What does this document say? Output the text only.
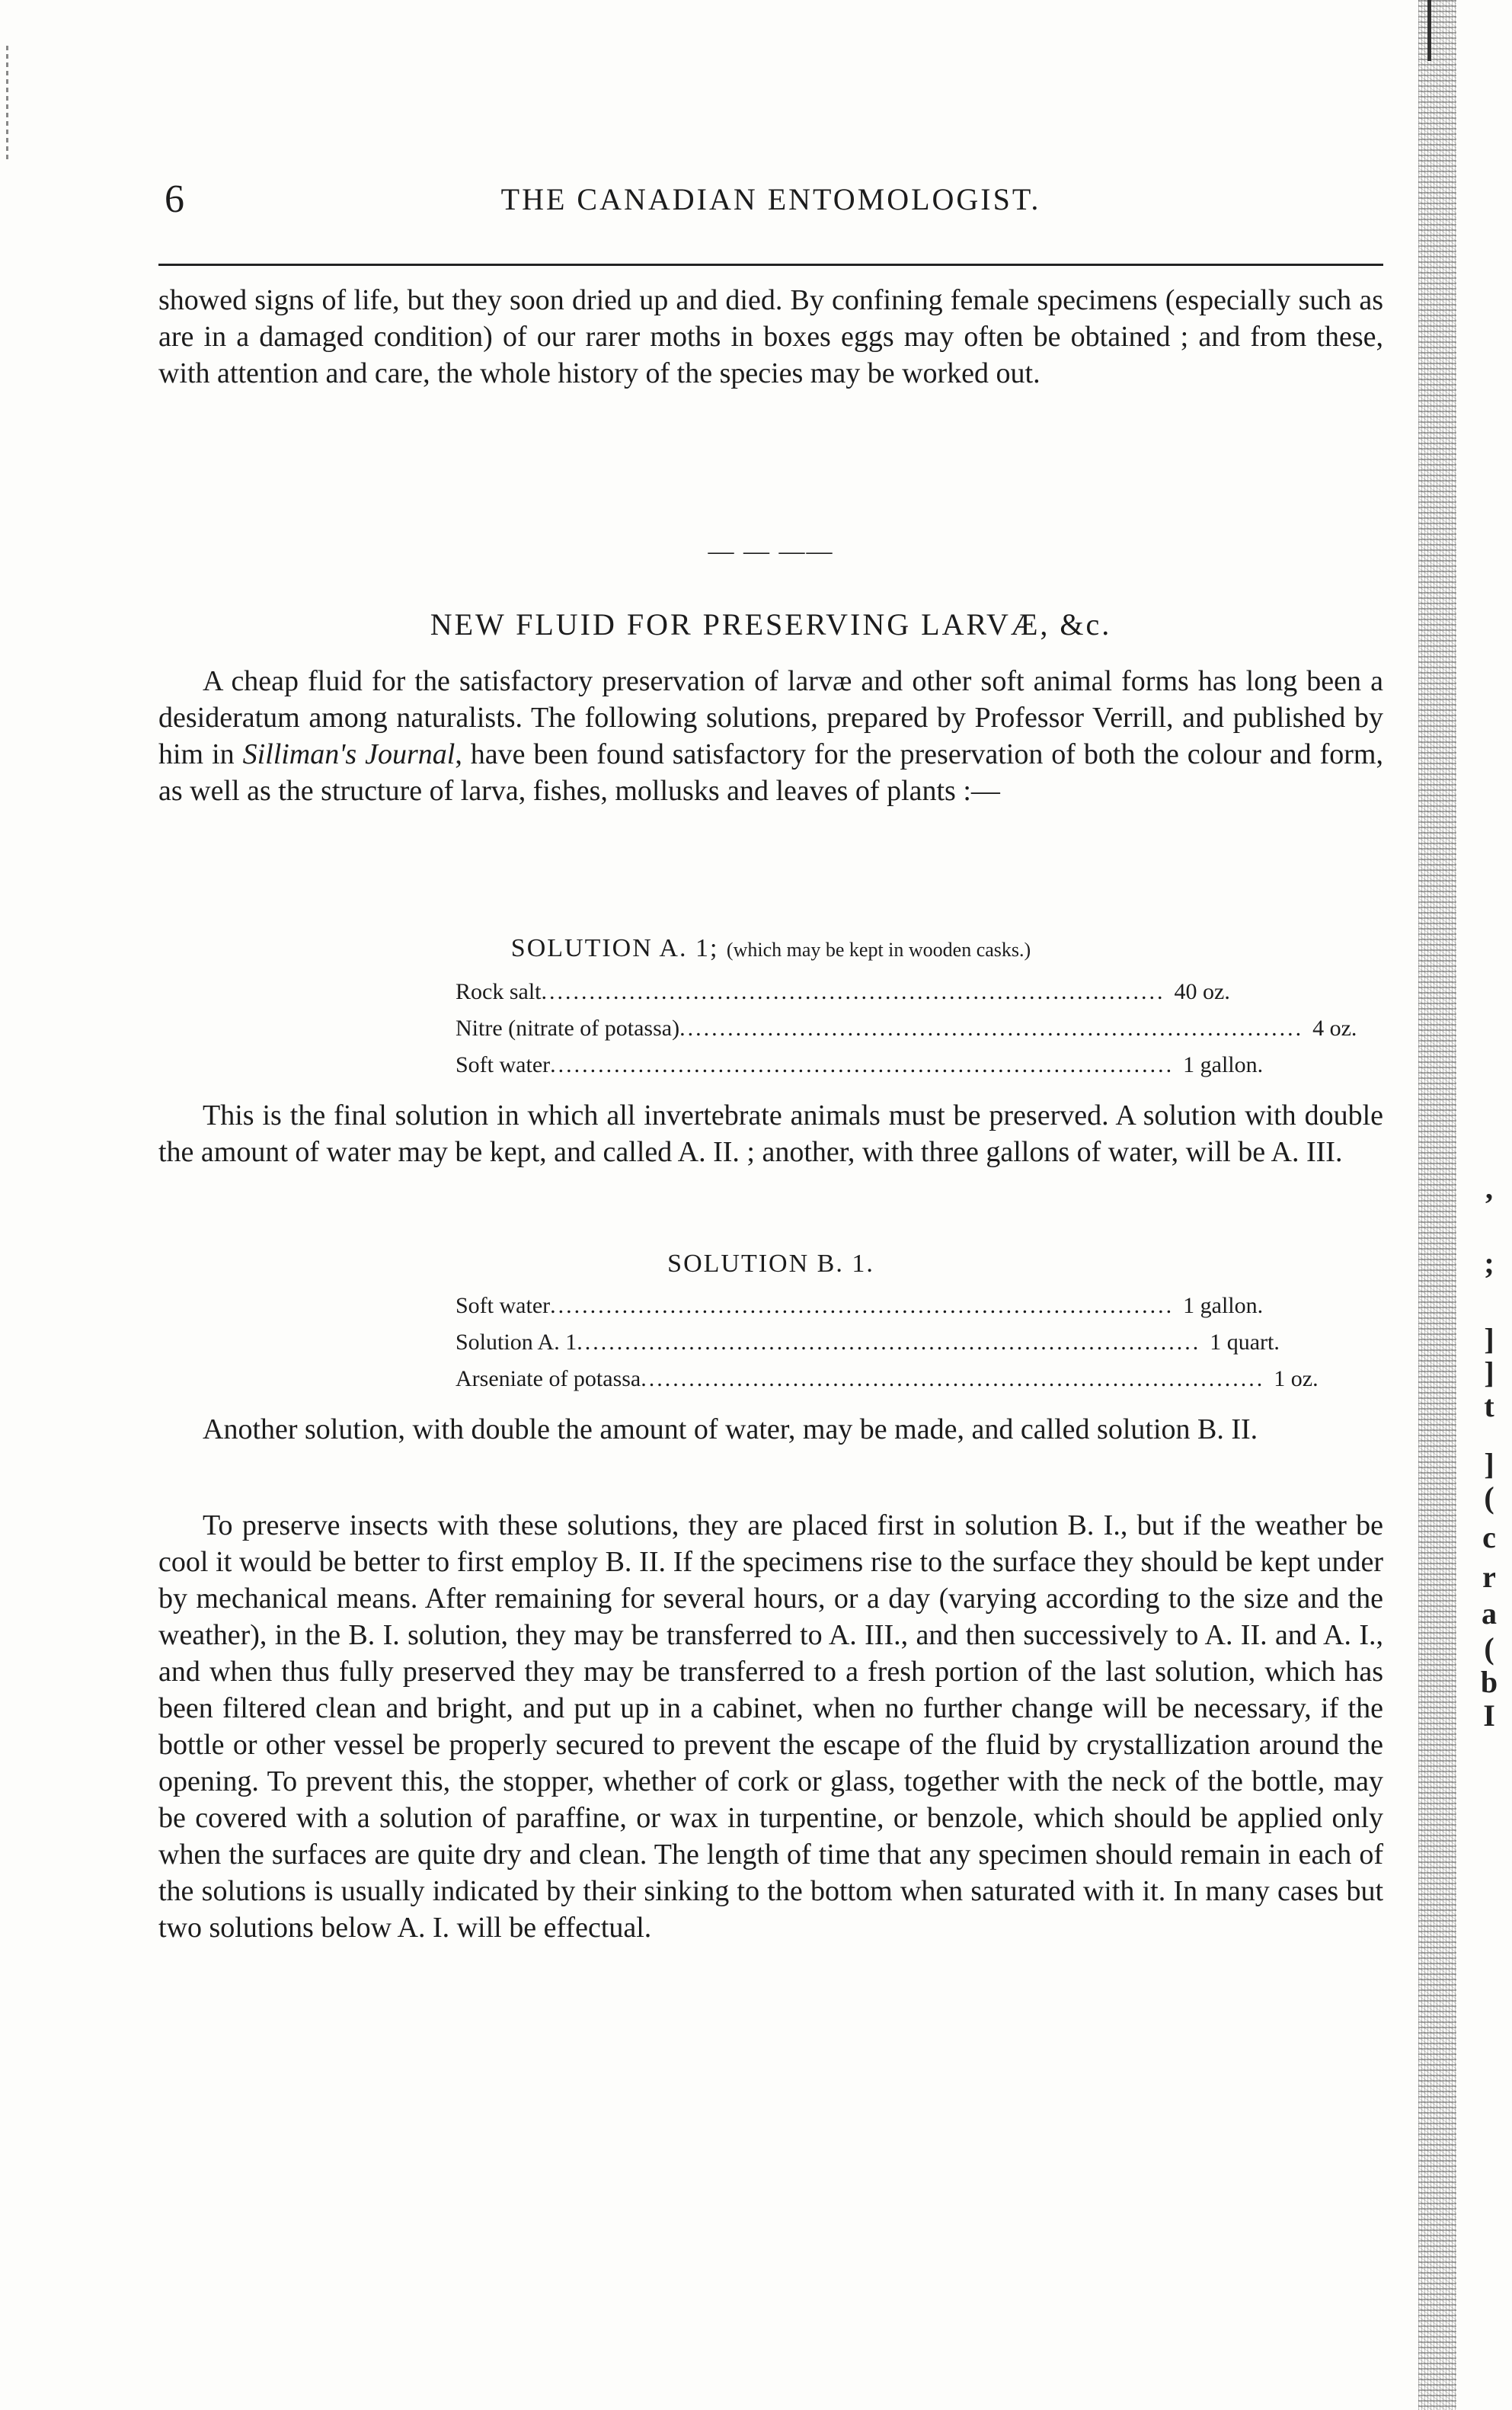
,
;
]
]
t
]
(
c
r
a
(
b
I
6	THE CANADIAN ENTOMOLOGIST.

showed signs of life, but they soon dried up and died. By confining female specimens (especially such as are in a damaged condition) of our rarer moths in boxes eggs may often be obtained ; and from these, with attention and care, the whole history of the species may be worked out.

— — ——
NEW FLUID FOR PRESERVING LARVÆ, &c.

A cheap fluid for the satisfactory preservation of larvæ and other soft animal forms has long been a desideratum among naturalists. The following solutions, prepared by Professor Verrill, and published by him in Silliman's Journal, have been found satisfactory for the preservation of both the colour and form, as well as the structure of larva, fishes, mollusks and leaves of plants :—

SOLUTION A. 1; (which may be kept in wooden casks.)
Rock salt .............................................................................. 40 oz.
Nitre (nitrate of potassa) .............................................................................. 4 oz.
Soft water .............................................................................. 1 gallon.

This is the final solution in which all invertebrate animals must be preserved. A solution with double the amount of water may be kept, and called A. II. ; another, with three gallons of water, will be A. III.

SOLUTION B. 1.
Soft water .............................................................................. 1 gallon.
Solution A. 1 .............................................................................. 1 quart.
Arseniate of potassa .............................................................................. 1 oz.

Another solution, with double the amount of water, may be made, and called solution B. II.

To preserve insects with these solutions, they are placed first in solution B. I., but if the weather be cool it would be better to first employ B. II. If the specimens rise to the surface they should be kept under by mechanical means. After remaining for several hours, or a day (varying according to the size and the weather), in the B. I. solution, they may be transferred to A. III., and then successively to A. II. and A. I., and when thus fully preserved they may be transferred to a fresh portion of the last solution, which has been filtered clean and bright, and put up in a cabinet, when no further change will be necessary, if the bottle or other vessel be properly secured to prevent the escape of the fluid by crystallization around the opening. To prevent this, the stopper, whether of cork or glass, together with the neck of the bottle, may be covered with a solution of paraffine, or wax in turpentine, or benzole, which should be applied only when the surfaces are quite dry and clean. The length of time that any specimen should remain in each of the solutions is usually indicated by their sinking to the bottom when saturated with it. In many cases but two solutions below A. I. will be effectual.
